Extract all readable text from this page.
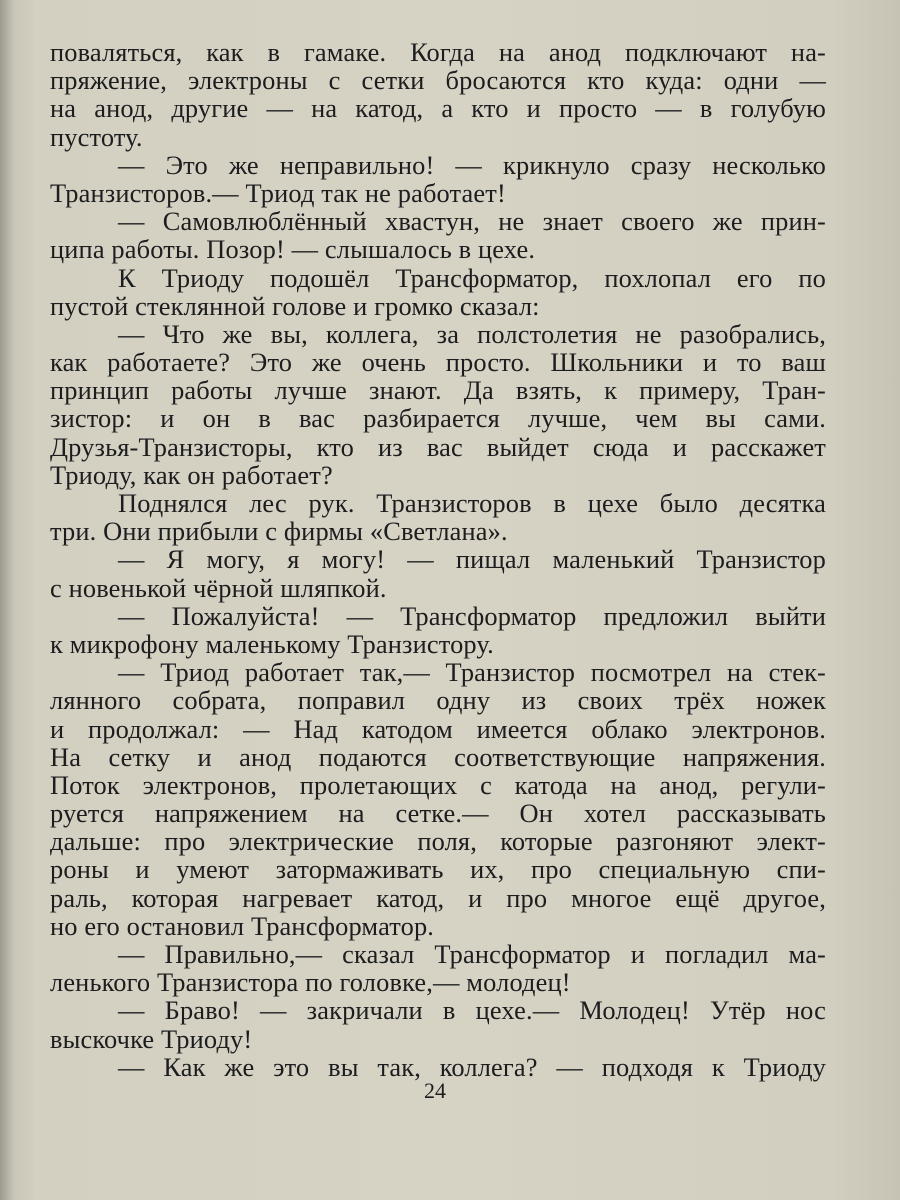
поваляться, как в гамаке. Когда на анод подключают на-
пряжение, электроны с сетки бросаются кто куда: одни —
на анод, другие — на катод, а кто и просто — в голубую
пустоту.
— Это же неправильно! — крикнуло сразу несколько
Транзисторов.— Триод так не работает!
— Самовлюблённый хвастун, не знает своего же прин-
ципа работы. Позор! — слышалось в цехе.
К Триоду подошёл Трансформатор, похлопал его по
пустой стеклянной голове и громко сказал:
— Что же вы, коллега, за полстолетия не разобрались,
как работаете? Это же очень просто. Школьники и то ваш
принцип работы лучше знают. Да взять, к примеру, Тран-
зистор: и он в вас разбирается лучше, чем вы сами.
Друзья-Транзисторы, кто из вас выйдет сюда и расскажет
Триоду, как он работает?
Поднялся лес рук. Транзисторов в цехе было десятка
три. Они прибыли с фирмы «Светлана».
— Я могу, я могу! — пищал маленький Транзистор
с новенькой чёрной шляпкой.
— Пожалуйста! — Трансформатор предложил выйти
к микрофону маленькому Транзистору.
— Триод работает так,— Транзистор посмотрел на стек-
лянного собрата, поправил одну из своих трёх ножек
и продолжал: — Над катодом имеется облако электронов.
На сетку и анод подаются соответствующие напряжения.
Поток электронов, пролетающих с катода на анод, регули-
руется напряжением на сетке.— Он хотел рассказывать
дальше: про электрические поля, которые разгоняют элект-
роны и умеют затормаживать их, про специальную спи-
раль, которая нагревает катод, и про многое ещё другое,
но его остановил Трансформатор.
— Правильно,— сказал Трансформатор и погладил ма-
ленького Транзистора по головке,— молодец!
— Браво! — закричали в цехе.— Молодец! Утёр нос
выскочке Триоду!
— Как же это вы так, коллега? — подходя к Триоду
24
